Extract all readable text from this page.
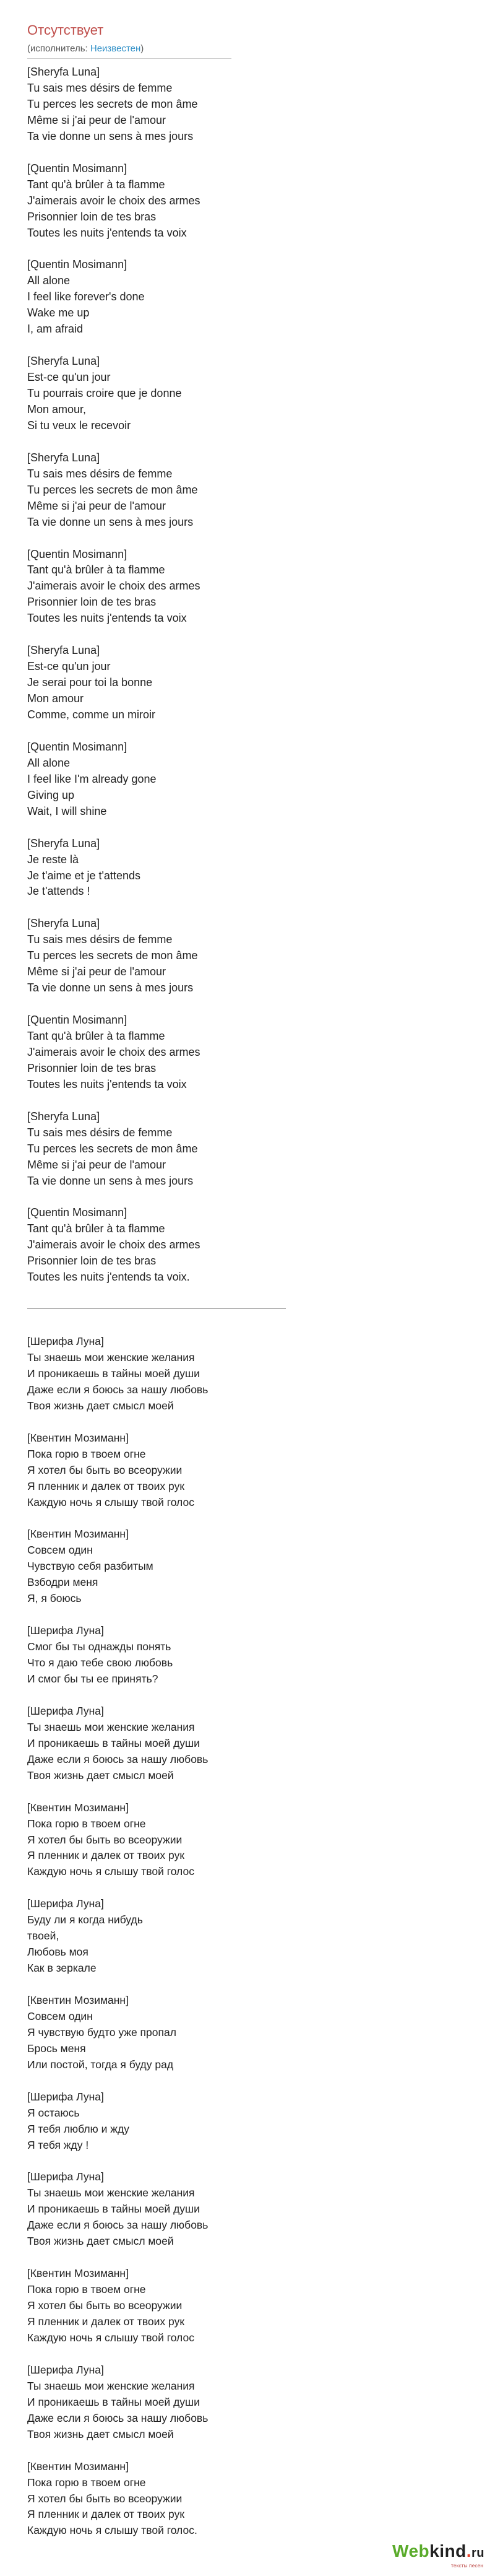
Отсутствует
(исполнитель: Неизвестен)
[Sheryfa Luna]
Tu sais mes désirs de femme
Tu perces les secrets de mon âme
Même si j'ai peur de l'amour
Ta vie donne un sens à mes jours
[Quentin Mosimann]
Tant qu'à brûler à ta flamme
J'aimerais avoir le choix des armes
Prisonnier loin de tes bras
Toutes les nuits j'entends ta voix
[Quentin Mosimann]
All alone
I feel like forever's done
Wake me up
I, am afraid
[Sheryfa Luna]
Est-ce qu'un jour
Tu pourrais croire que je donne
Mon amour,
Si tu veux le recevoir
[Sheryfa Luna]
Tu sais mes désirs de femme
Tu perces les secrets de mon âme
Même si j'ai peur de l'amour
Ta vie donne un sens à mes jours
[Quentin Mosimann]
Tant qu'à brûler à ta flamme
J'aimerais avoir le choix des armes
Prisonnier loin de tes bras
Toutes les nuits j'entends ta voix
[Sheryfa Luna]
Est-ce qu'un jour
Je serai pour toi la bonne
Mon amour
Comme, comme un miroir
[Quentin Mosimann]
All alone
I feel like I'm already gone
Giving up
Wait, I will shine
[Sheryfa Luna]
Je reste là
Je t'aime et je t'attends
Je t'attends !
[Sheryfa Luna]
Tu sais mes désirs de femme
Tu perces les secrets de mon âme
Même si j'ai peur de l'amour
Ta vie donne un sens à mes jours
[Quentin Mosimann]
Tant qu'à brûler à ta flamme
J'aimerais avoir le choix des armes
Prisonnier loin de tes bras
Toutes les nuits j'entends ta voix
[Sheryfa Luna]
Tu sais mes désirs de femme
Tu perces les secrets de mon âme
Même si j'ai peur de l'amour
Ta vie donne un sens à mes jours
[Quentin Mosimann]
Tant qu'à brûler à ta flamme
J'aimerais avoir le choix des armes
Prisonnier loin de tes bras
Toutes les nuits j'entends ta voix.
[Шерифа Луна]
Ты знаешь мои женские желания
И проникаешь в тайны моей души
Даже если я боюсь за нашу любовь
Твоя жизнь дает смысл моей
[Квентин Мозиманн]
Пока горю в твоем огне
Я хотел бы быть во всеоружии
Я пленник и далек от твоих рук
Каждую ночь я слышу твой голос
[Квентин Мозиманн]
Совсем один
Чувствую себя разбитым
Взбодри меня
Я, я боюсь
[Шерифа Луна]
Смог бы ты однажды понять
Что я даю тебе свою любовь
И смог бы ты ее принять?
[Шерифа Луна]
Ты знаешь мои женские желания
И проникаешь в тайны моей души
Даже если я боюсь за нашу любовь
Твоя жизнь дает смысл моей
[Квентин Мозиманн]
Пока горю в твоем огне
Я хотел бы быть во всеоружии
Я пленник и далек от твоих рук
Каждую ночь я слышу твой голос
[Шерифа Луна]
Буду ли я когда нибудь
твоей,
Любовь моя
Как в зеркале
[Квентин Мозиманн]
Совсем один
Я чувствую будто уже пропал
Брось меня
Или постой, тогда я буду рад
[Шерифа Луна]
Я остаюсь
Я тебя люблю и жду
Я тебя жду !
[Шерифа Луна]
Ты знаешь мои женские желания
И проникаешь в тайны моей души
Даже если я боюсь за нашу любовь
Твоя жизнь дает смысл моей
[Квентин Мозиманн]
Пока горю в твоем огне
Я хотел бы быть во всеоружии
Я пленник и далек от твоих рук
Каждую ночь я слышу твой голос
[Шерифа Луна]
Ты знаешь мои женские желания
И проникаешь в тайны моей души
Даже если я боюсь за нашу любовь
Твоя жизнь дает смысл моей
[Квентин Мозиманн]
Пока горю в твоем огне
Я хотел бы быть во всеоружии
Я пленник и далек от твоих рук
Каждую ночь я слышу твой голос.
Webkind.ru
тексты песен
